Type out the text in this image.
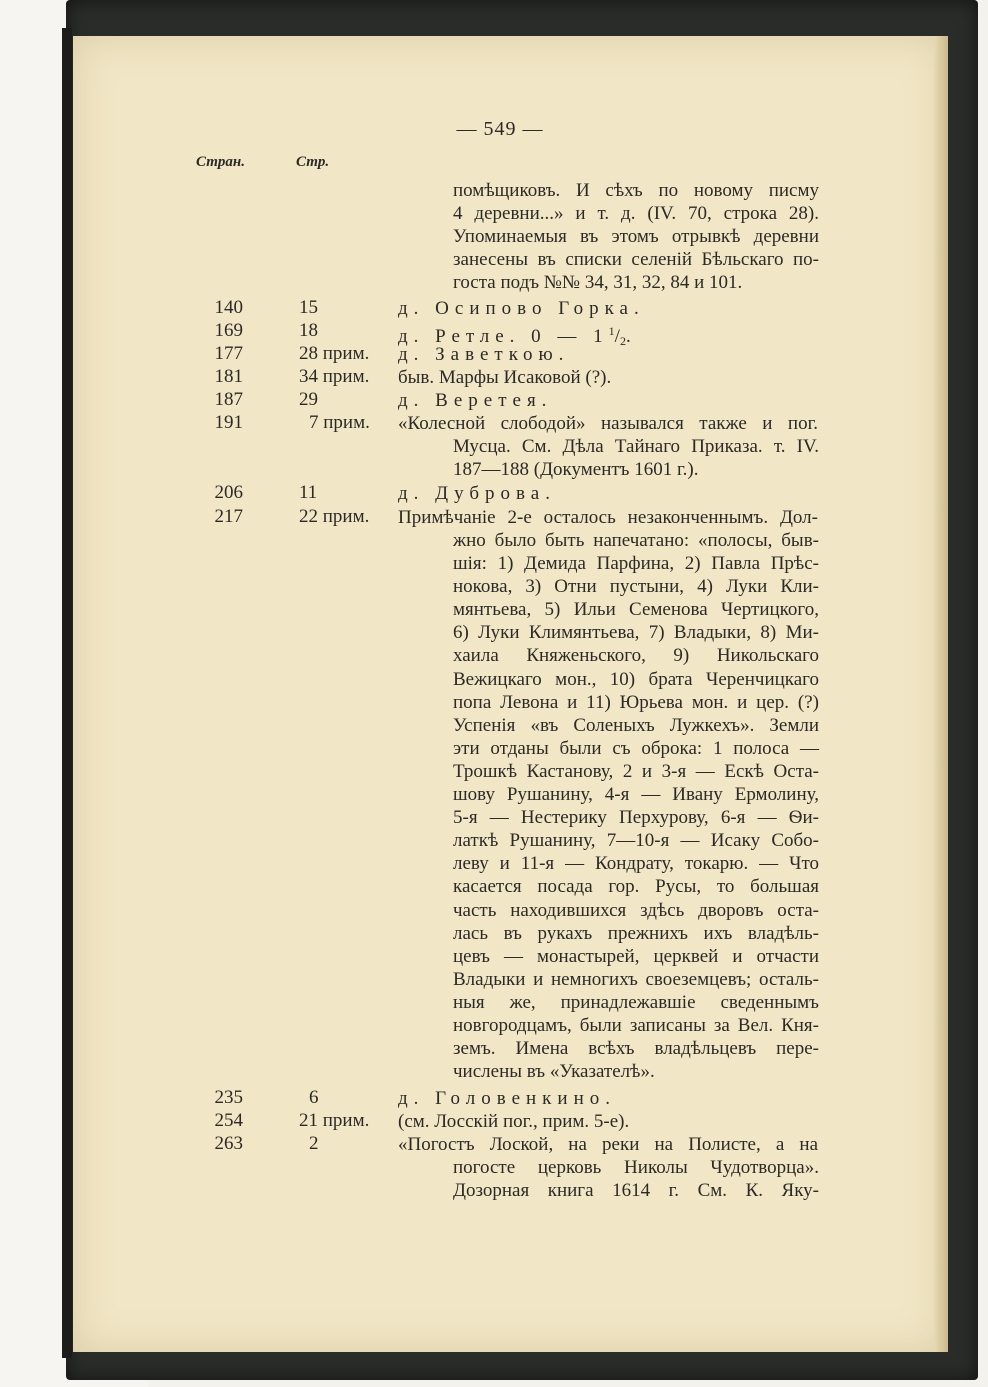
— 549 —
Стран.	Стр.
помѣщиковъ. И сѣхъ по новому писму
4 деревни...» и т. д. (IV. 70, строка 28).
Упоминаемыя въ этомъ отрывкѣ деревни
занесены въ списки селеній Бѣльскаго по-
госта подъ №№ 34, 31, 32, 84 и 101.
140	15	д. Осипово Горка.
169	18	д. Ретле. 0 — $1^1/_2$.
177	28 прим. д. Заветкою.
181	34 прим. быв. Марфы Исаковой (?).
187	29	д. Веретея.
191	7 прим. «Колесной слободой» назывался также и пог.
Мусца. См. Дѣла Тайнаго Приказа. т. IV.
187—188 (Документъ 1601 г.).
206	11	д. Дуброва.
217	22 прим. Примѣчаніе 2-е осталось незаконченнымъ. Дол-
жно было быть напечатано: «полосы, быв-
шія: 1) Демида Парфина, 2) Павла Прѣс-
нокова, 3) Отни пустыни, 4) Луки Кли-
мянтьева, 5) Ильи Семенова Чертицкого,
6) Луки Климянтьева, 7) Владыки, 8) Ми-
хаила Княженьского, 9) Никольскаго
Вежицкаго мон., 10) брата Черенчицкаго
попа Левона и 11) Юрьева мон. и цер. (?)
Успенія «въ Соленыхъ Лужкехъ». Земли
эти отданы были съ оброка: 1 полоса —
Трошкѣ Кастанову, 2 и 3-я — Ескѣ Оста-
шову Рушанину, 4-я — Ивану Ермолину,
5-я — Нестерику Перхурову, 6-я — Ѳи-
латкѣ Рушанину, 7—10-я — Исаку Собо-
леву и 11-я — Кондрату, токарю. — Что
касается посада гор. Русы, то большая
часть находившихся здѣсь дворовъ оста-
лась въ рукахъ прежнихъ ихъ владѣль-
цевъ — монастырей, церквей и отчасти
Владыки и немногихъ своеземцевъ; осталь-
ныя же, принадлежавшіе сведеннымъ
новгородцамъ, были записаны за Вел. Кня-
земъ. Имена всѣхъ владѣльцевъ пере-
числены въ «Указателѣ».
235	6	д. Головенкино.
254	21 прим. (см. Лосскій пог., прим. 5-е).
263	2	«Погостъ Лоской, на реки на Полисте, а на
погосте церковь Николы Чудотворца».
Дозорная книга 1614 г. См. К. Яку-
